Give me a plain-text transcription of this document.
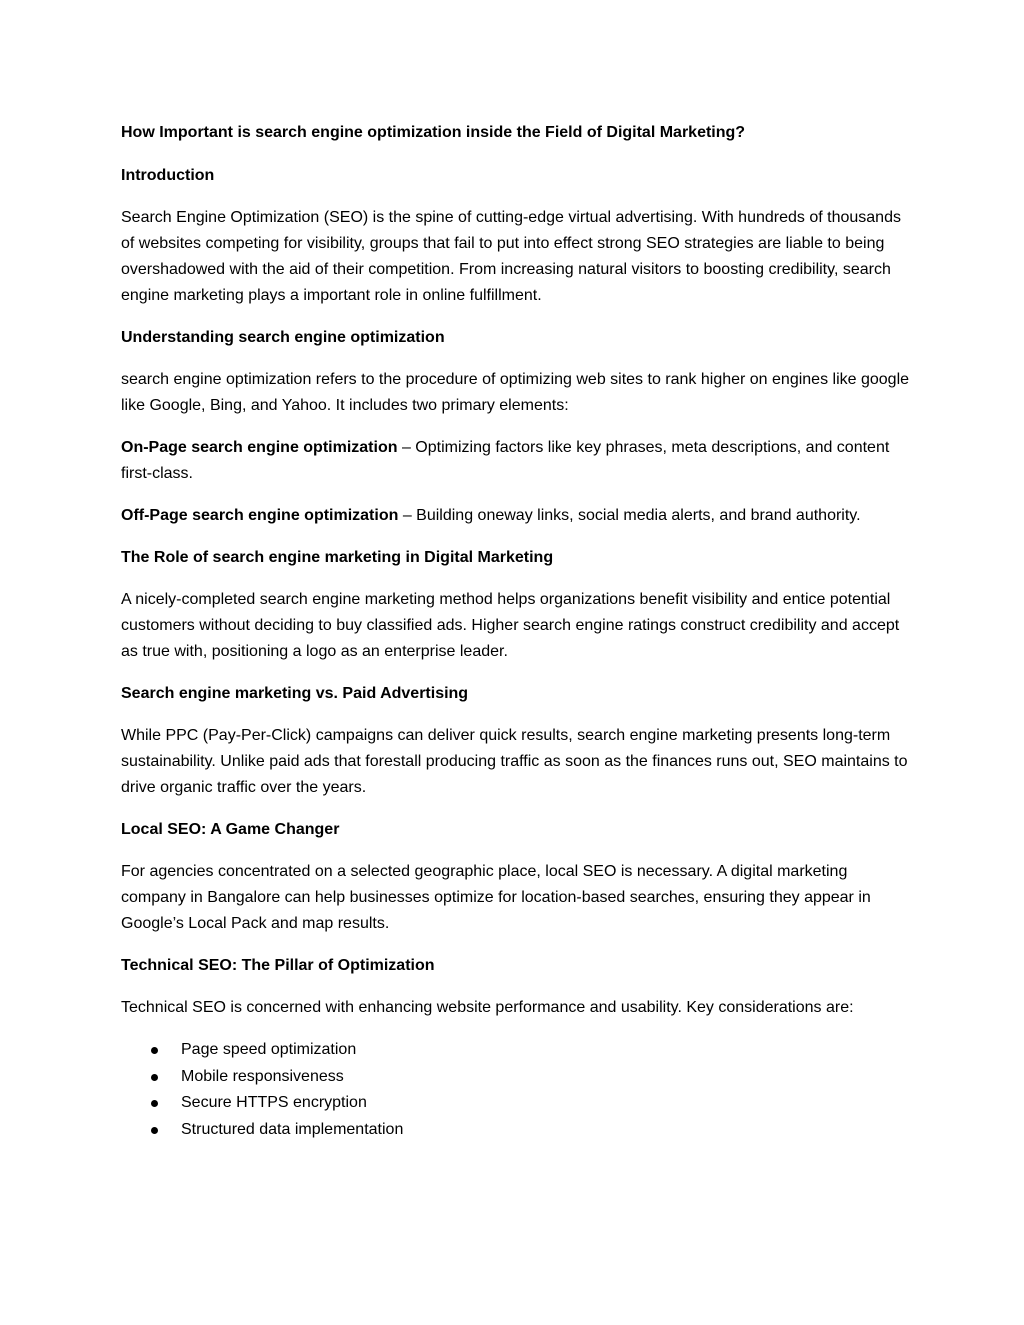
How Important is search engine optimization inside the Field of Digital Marketing?

Introduction

Search Engine Optimization (SEO) is the spine of cutting-edge virtual advertising. With hundreds of thousands of websites competing for visibility, groups that fail to put into effect strong SEO strategies are liable to being overshadowed with the aid of their competition. From increasing natural visitors to boosting credibility, search engine marketing plays a important role in online fulfillment.

Understanding search engine optimization

search engine optimization refers to the procedure of optimizing web sites to rank higher on engines like google like Google, Bing, and Yahoo. It includes two primary elements:

On-Page search engine optimization – Optimizing factors like key phrases, meta descriptions, and content first-class.

Off-Page search engine optimization – Building oneway links, social media alerts, and brand authority.

The Role of search engine marketing in Digital Marketing

A nicely-completed search engine marketing method helps organizations benefit visibility and entice potential customers without deciding to buy classified ads. Higher search engine ratings construct credibility and accept as true with, positioning a logo as an enterprise leader.

Search engine marketing vs. Paid Advertising

While PPC (Pay-Per-Click) campaigns can deliver quick results, search engine marketing presents long-term sustainability. Unlike paid ads that forestall producing traffic as soon as the finances runs out, SEO maintains to drive organic traffic over the years.

Local SEO: A Game Changer

For agencies concentrated on a selected geographic place, local SEO is necessary. A digital marketing company in Bangalore can help businesses optimize for location-based searches, ensuring they appear in Google’s Local Pack and map results.

Technical SEO: The Pillar of Optimization

Technical SEO is concerned with enhancing website performance and usability. Key considerations are:

Page speed optimization
Mobile responsiveness
Secure HTTPS encryption
Structured data implementation
